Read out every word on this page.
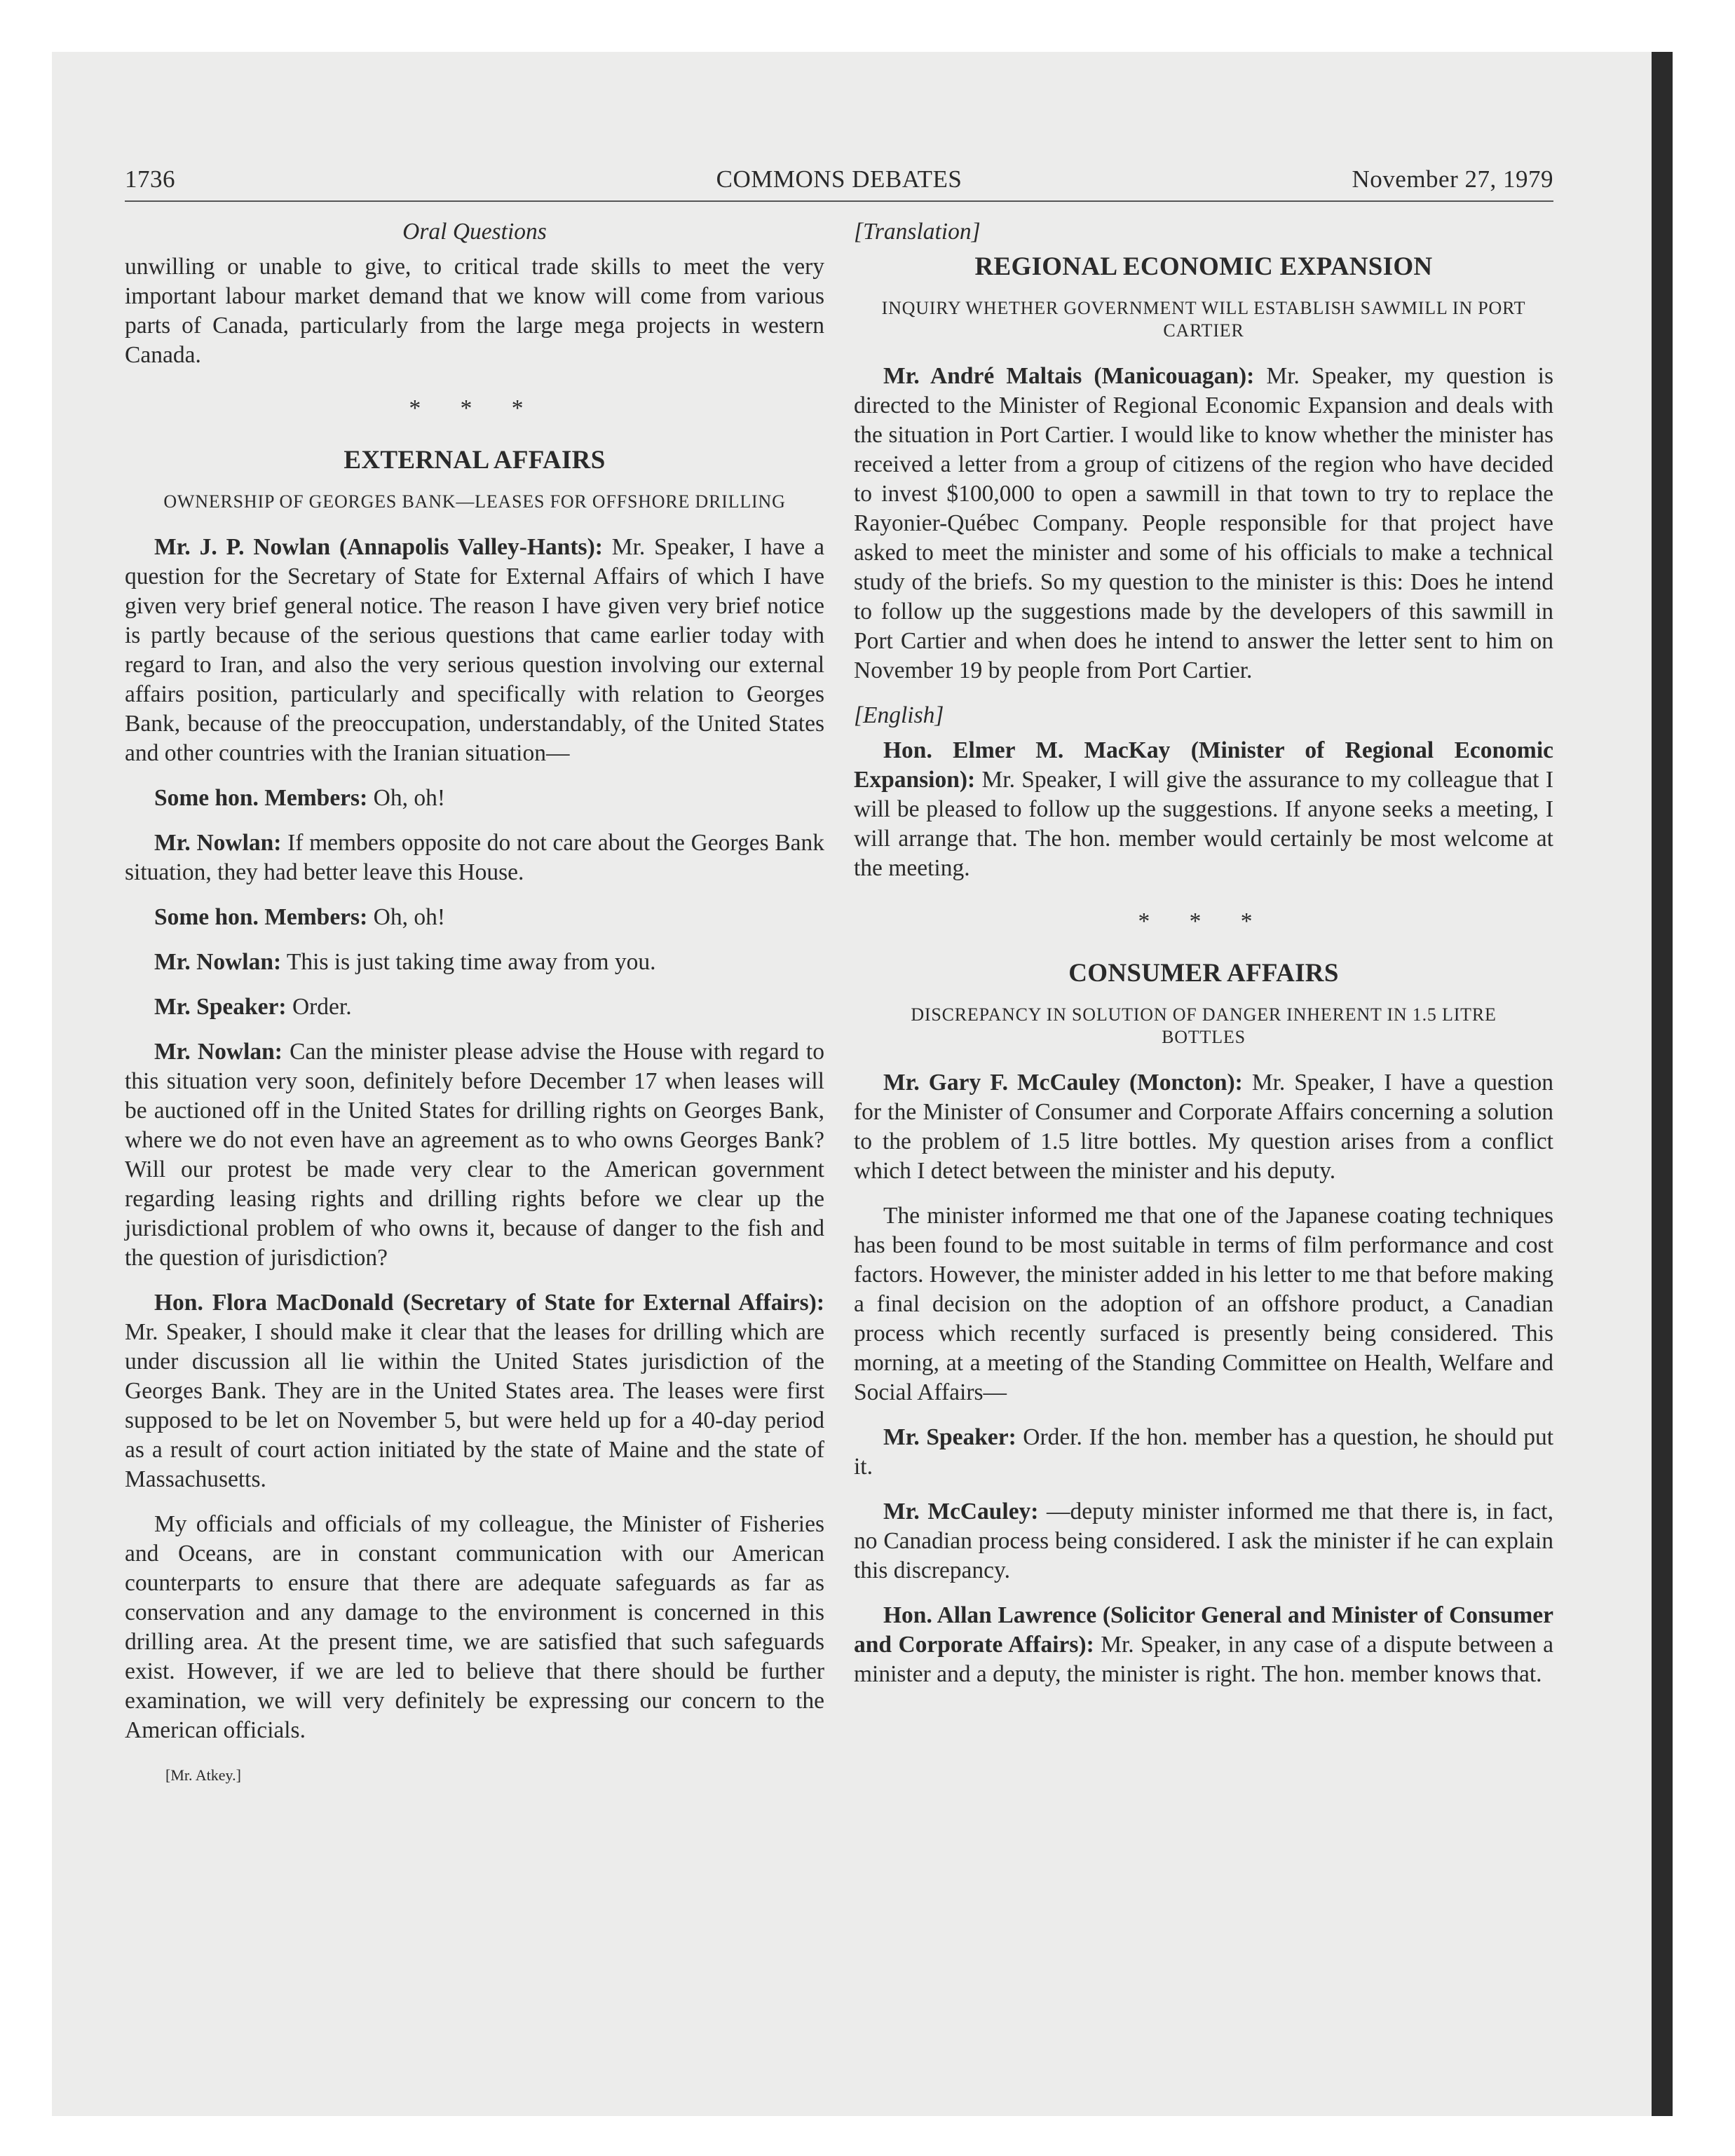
1736	COMMONS DEBATES	November 27, 1979
Oral Questions

unwilling or unable to give, to critical trade skills to meet the very important labour market demand that we know will come from various parts of Canada, particularly from the large mega projects in western Canada.

* * *
EXTERNAL AFFAIRS
OWNERSHIP OF GEORGES BANK—LEASES FOR OFFSHORE DRILLING

Mr. J. P. Nowlan (Annapolis Valley-Hants): Mr. Speaker, I have a question for the Secretary of State for External Affairs of which I have given very brief general notice. The reason I have given very brief notice is partly because of the serious questions that came earlier today with regard to Iran, and also the very serious question involving our external affairs position, particularly and specifically with relation to Georges Bank, because of the preoccupation, understandably, of the United States and other countries with the Iranian situation—

Some hon. Members: Oh, oh!

Mr. Nowlan: If members opposite do not care about the Georges Bank situation, they had better leave this House.

Some hon. Members: Oh, oh!

Mr. Nowlan: This is just taking time away from you.

Mr. Speaker: Order.

Mr. Nowlan: Can the minister please advise the House with regard to this situation very soon, definitely before December 17 when leases will be auctioned off in the United States for drilling rights on Georges Bank, where we do not even have an agreement as to who owns Georges Bank? Will our protest be made very clear to the American government regarding leasing rights and drilling rights before we clear up the jurisdictional problem of who owns it, because of danger to the fish and the question of jurisdiction?

Hon. Flora MacDonald (Secretary of State for External Affairs): Mr. Speaker, I should make it clear that the leases for drilling which are under discussion all lie within the United States jurisdiction of the Georges Bank. They are in the United States area. The leases were first supposed to be let on November 5, but were held up for a 40-day period as a result of court action initiated by the state of Maine and the state of Massachusetts.

My officials and officials of my colleague, the Minister of Fisheries and Oceans, are in constant communication with our American counterparts to ensure that there are adequate safeguards as far as conservation and any damage to the environment is concerned in this drilling area. At the present time, we are satisfied that such safeguards exist. However, if we are led to believe that there should be further examination, we will very definitely be expressing our concern to the American officials.

[Mr. Atkey.]

[Translation]

REGIONAL ECONOMIC EXPANSION
INQUIRY WHETHER GOVERNMENT WILL ESTABLISH SAWMILL IN PORT CARTIER

Mr. André Maltais (Manicouagan): Mr. Speaker, my question is directed to the Minister of Regional Economic Expansion and deals with the situation in Port Cartier. I would like to know whether the minister has received a letter from a group of citizens of the region who have decided to invest $100,000 to open a sawmill in that town to try to replace the Rayonier-Québec Company. People responsible for that project have asked to meet the minister and some of his officials to make a technical study of the briefs. So my question to the minister is this: Does he intend to follow up the suggestions made by the developers of this sawmill in Port Cartier and when does he intend to answer the letter sent to him on November 19 by people from Port Cartier.

[English]

Hon. Elmer M. MacKay (Minister of Regional Economic Expansion): Mr. Speaker, I will give the assurance to my colleague that I will be pleased to follow up the suggestions. If anyone seeks a meeting, I will arrange that. The hon. member would certainly be most welcome at the meeting.

* * *
CONSUMER AFFAIRS
DISCREPANCY IN SOLUTION OF DANGER INHERENT IN 1.5 LITRE BOTTLES

Mr. Gary F. McCauley (Moncton): Mr. Speaker, I have a question for the Minister of Consumer and Corporate Affairs concerning a solution to the problem of 1.5 litre bottles. My question arises from a conflict which I detect between the minister and his deputy.

The minister informed me that one of the Japanese coating techniques has been found to be most suitable in terms of film performance and cost factors. However, the minister added in his letter to me that before making a final decision on the adoption of an offshore product, a Canadian process which recently surfaced is presently being considered. This morning, at a meeting of the Standing Committee on Health, Welfare and Social Affairs—

Mr. Speaker: Order. If the hon. member has a question, he should put it.

Mr. McCauley: —deputy minister informed me that there is, in fact, no Canadian process being considered. I ask the minister if he can explain this discrepancy.

Hon. Allan Lawrence (Solicitor General and Minister of Consumer and Corporate Affairs): Mr. Speaker, in any case of a dispute between a minister and a deputy, the minister is right. The hon. member knows that.
